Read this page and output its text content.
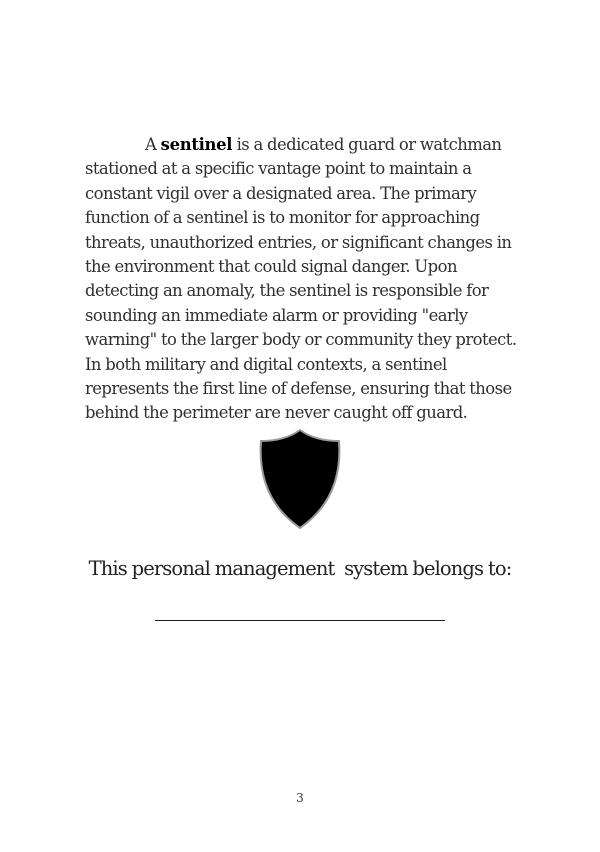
A sentinel is a dedicated guard or watchman stationed at a specific vantage point to maintain a constant vigil over a designated area. The primary function of a sentinel is to monitor for approaching threats, unauthorized entries, or significant changes in the environment that could signal danger. Upon detecting an anomaly, the sentinel is responsible for sounding an immediate alarm or providing "early warning" to the larger body or community they protect. In both military and digital contexts, a sentinel represents the first line of defense, ensuring that those behind the perimeter are never caught off guard.

This personal management  system belongs to:
3
